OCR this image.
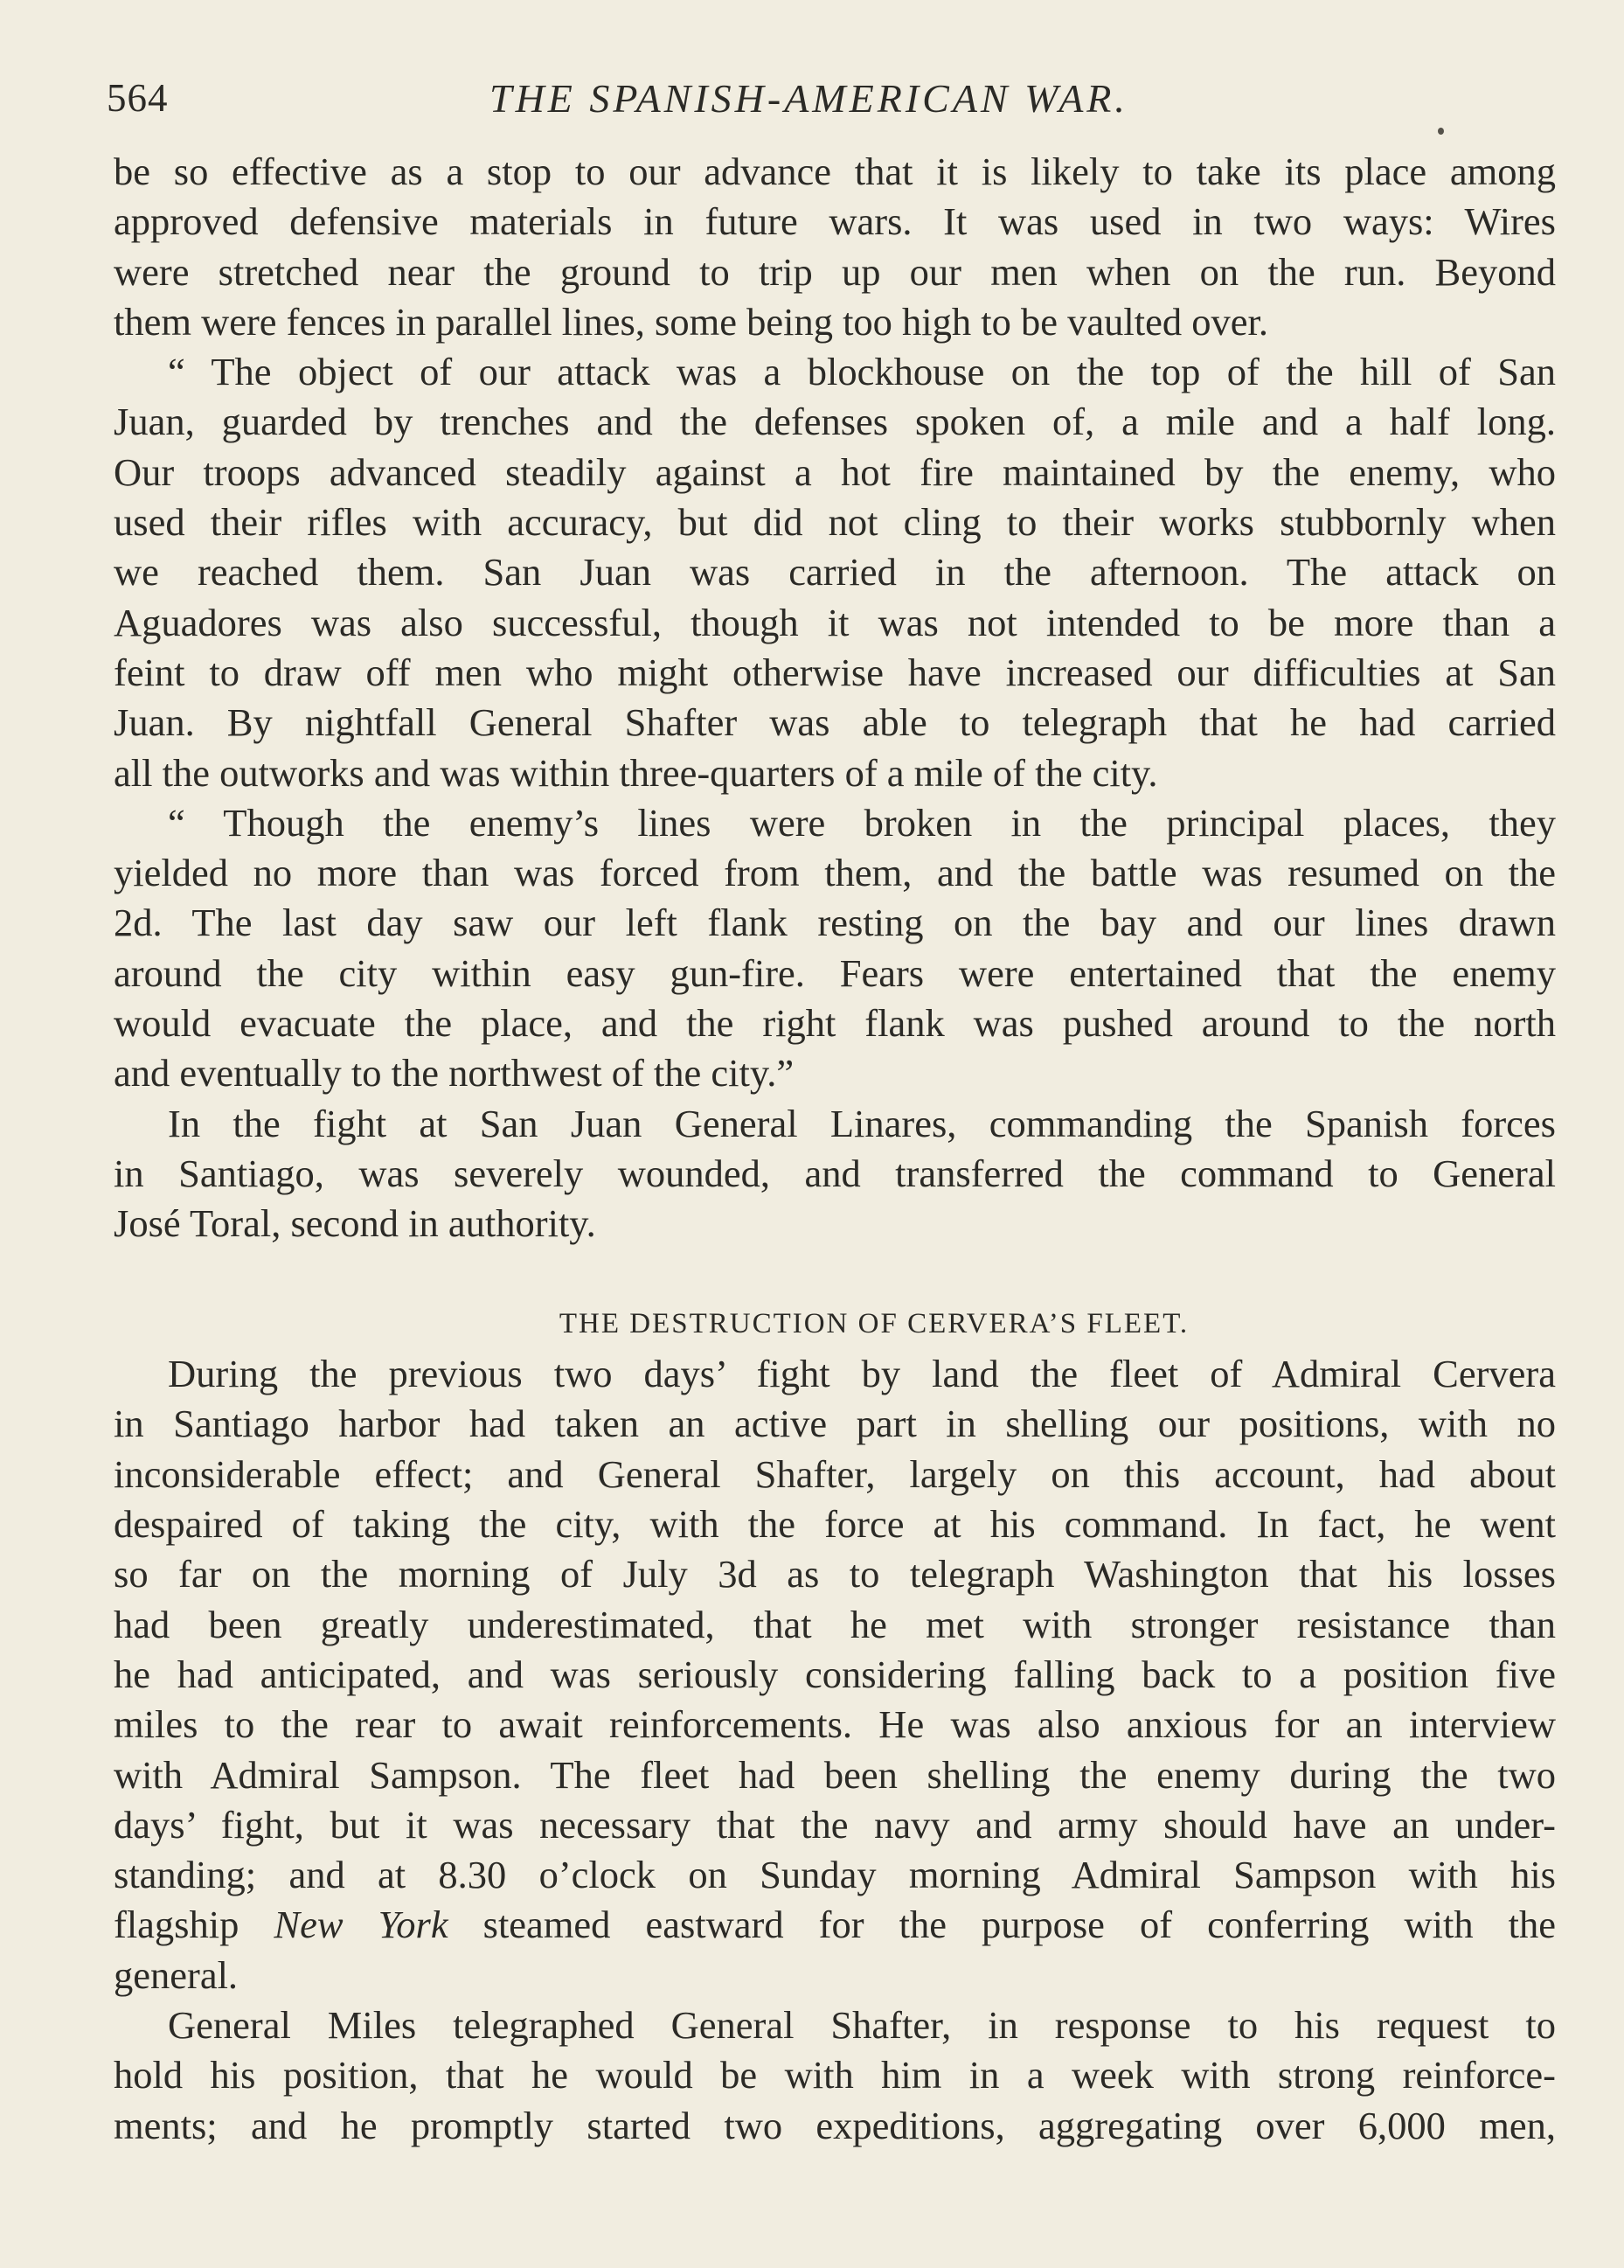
564	THE SPANISH-AMERICAN WAR.
be so effective as a stop to our advance that it is likely to take its place among
approved defensive materials in future wars. It was used in two ways: Wires
were stretched near the ground to trip up our men when on the run. Beyond
them were fences in parallel lines, some being too high to be vaulted over.
“ The object of our attack was a blockhouse on the top of the hill of San
Juan, guarded by trenches and the defenses spoken of, a mile and a half long.
Our troops advanced steadily against a hot fire maintained by the enemy, who
used their rifles with accuracy, but did not cling to their works stubbornly when
we reached them. San Juan was carried in the afternoon. The attack on
Aguadores was also successful, though it was not intended to be more than a
feint to draw off men who might otherwise have increased our difficulties at San
Juan. By nightfall General Shafter was able to telegraph that he had carried
all the outworks and was within three-quarters of a mile of the city.
“ Though the enemy’s lines were broken in the principal places, they
yielded no more than was forced from them, and the battle was resumed on the
2d. The last day saw our left flank resting on the bay and our lines drawn
around the city within easy gun-fire. Fears were entertained that the enemy
would evacuate the place, and the right flank was pushed around to the north
and eventually to the northwest of the city.”
In the fight at San Juan General Linares, commanding the Spanish forces
in Santiago, was severely wounded, and transferred the command to General
José Toral, second in authority.
THE DESTRUCTION OF CERVERA’S FLEET.
During the previous two days’ fight by land the fleet of Admiral Cervera
in Santiago harbor had taken an active part in shelling our positions, with no
inconsiderable effect; and General Shafter, largely on this account, had about
despaired of taking the city, with the force at his command. In fact, he went
so far on the morning of July 3d as to telegraph Washington that his losses
had been greatly underestimated, that he met with stronger resistance than
he had anticipated, and was seriously considering falling back to a position five
miles to the rear to await reinforcements. He was also anxious for an interview
with Admiral Sampson. The fleet had been shelling the enemy during the two
days’ fight, but it was necessary that the navy and army should have an under-
standing; and at 8.30 o’clock on Sunday morning Admiral Sampson with his
flagship New York steamed eastward for the purpose of conferring with the
general.
General Miles telegraphed General Shafter, in response to his request to
hold his position, that he would be with him in a week with strong reinforce-
ments; and he promptly started two expeditions, aggregating over 6,000 men,
